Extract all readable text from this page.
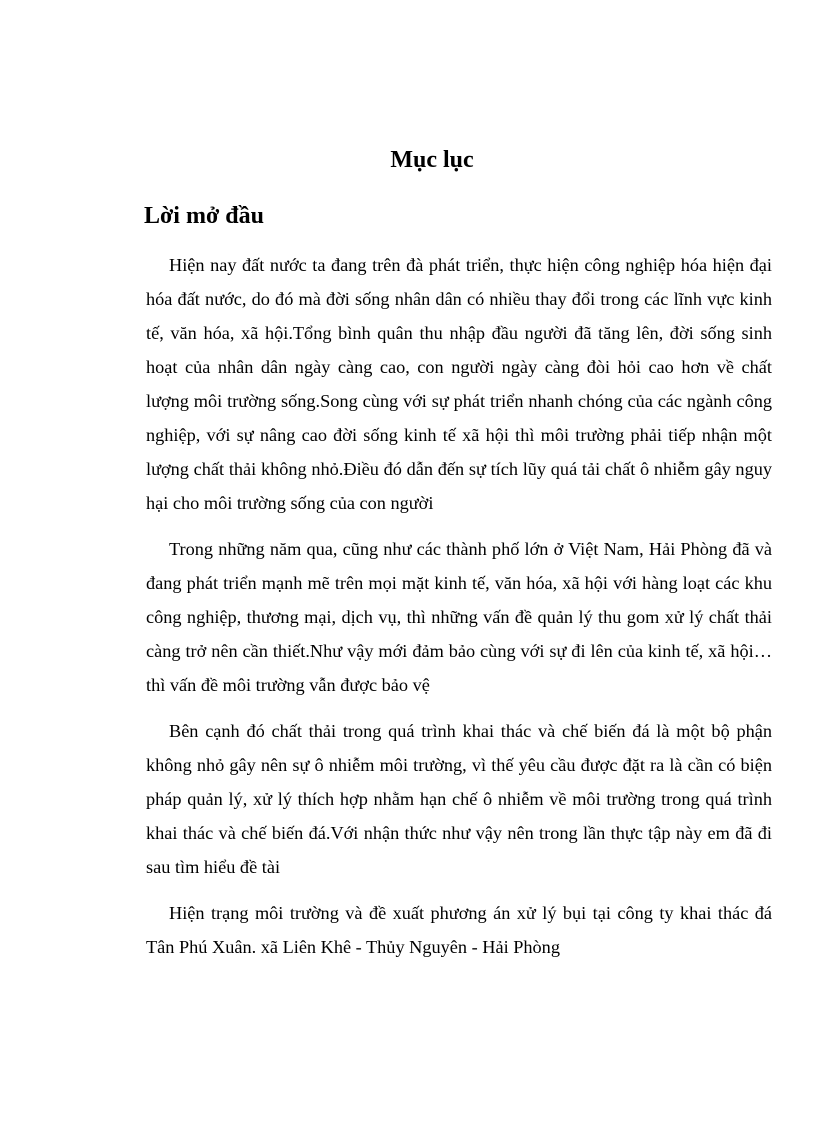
Mục lục
Lời mở đầu

Hiện nay đất nước ta đang trên đà phát triển, thực hiện công nghiệp hóa hiện đại hóa đất nước, do đó mà đời sống nhân dân có nhiều thay đổi trong các lĩnh vực kinh tế, văn hóa, xã hội.Tổng bình quân thu nhập đầu người đã tăng lên, đời sống sinh hoạt của nhân dân ngày càng cao, con người ngày càng đòi hỏi cao hơn về chất lượng môi trường sống.Song cùng với sự phát triển nhanh chóng của các ngành công nghiệp, với sự nâng cao đời sống kinh tế xã hội thì môi trường phải tiếp nhận một lượng chất thải không nhỏ.Điều đó dẫn đến sự tích lũy quá tải chất ô nhiễm gây nguy hại cho môi trường sống của con người

Trong những năm qua, cũng như các thành phố lớn ở Việt Nam, Hải Phòng đã và đang phát triển mạnh mẽ trên mọi mặt kinh tế, văn hóa, xã hội với hàng loạt các khu công nghiệp, thương mại, dịch vụ, thì những vấn đề quản lý thu gom xử lý chất thải càng trở nên cần thiết.Như vậy mới đảm bảo cùng với sự đi lên của kinh tế, xã hội… thì vấn đề môi trường vẫn được bảo vệ

Bên cạnh đó chất thải trong quá trình khai thác và chế biến đá là một bộ phận không nhỏ gây nên sự ô nhiễm môi trường, vì thế yêu cầu được đặt ra là cần có biện pháp quản lý, xử lý thích hợp nhằm hạn chế ô nhiễm về môi trường trong quá trình khai thác và chế biến đá.Với nhận thức như vậy nên trong lần thực tập này em đã đi sau tìm hiểu đề tài

Hiện trạng môi trường và đề xuất phương án xử lý bụi tại công ty khai thác đá Tân Phú Xuân. xã Liên Khê - Thủy Nguyên - Hải Phòng
